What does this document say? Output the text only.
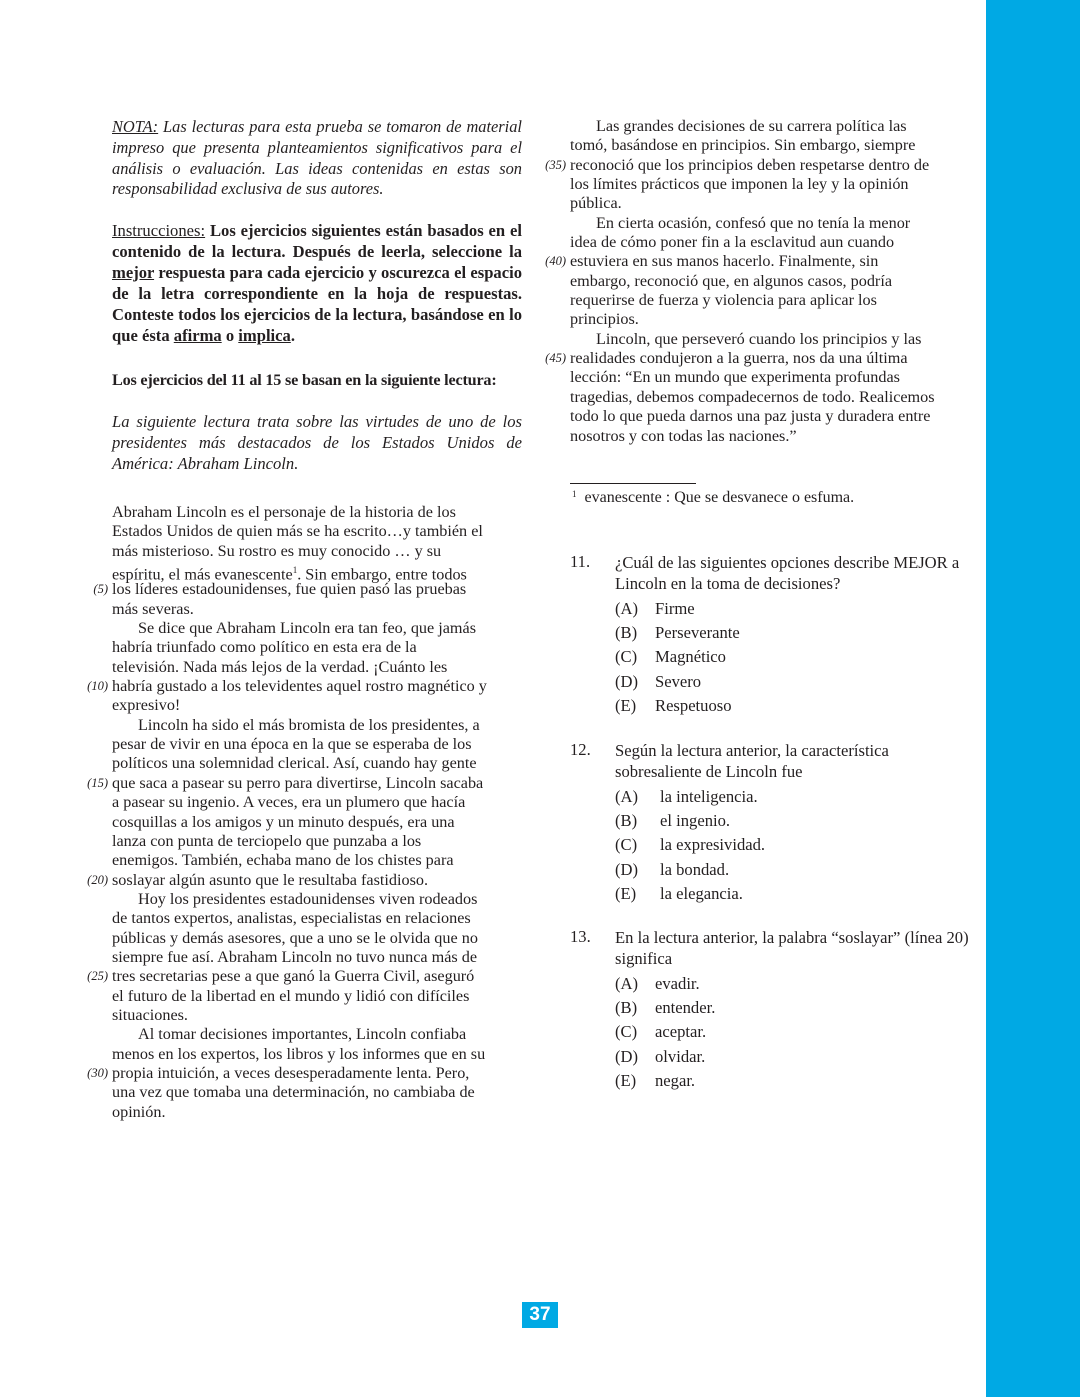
NOTA: Las lecturas para esta prueba se tomaron de material impreso que presenta planteamientos significativos para el análisis o evaluación. Las ideas contenidas en estas son responsabilidad exclusiva de sus autores.

Instrucciones: Los ejercicios siguientes están basados en el contenido de la lectura. Después de leerla, seleccione la mejor respuesta para cada ejercicio y oscurezca el espacio de la letra correspondiente en la hoja de respuestas. Conteste todos los ejercicios de la lectura, basándose en lo que ésta afirma o implica.

Los ejercicios del 11 al 15 se basan en la siguiente lectura:

La siguiente lectura trata sobre las virtudes de uno de los presidentes más destacados de los Estados Unidos de América: Abraham Lincoln.

Abraham Lincoln es el personaje de la historia de los
Estados Unidos de quien más se ha escrito…y también el
más misterioso. Su rostro es muy conocido … y su
espíritu, el más evanescente$^1$. Sin embargo, entre todos
(5) los líderes estadounidenses, fue quien pasó las pruebas
más severas.
Se dice que Abraham Lincoln era tan feo, que jamás
habría triunfado como político en esta era de la
televisión. Nada más lejos de la verdad. ¡Cuánto les
(10) habría gustado a los televidentes aquel rostro magnético y
expresivo!
Lincoln ha sido el más bromista de los presidentes, a
pesar de vivir en una época en la que se esperaba de los
políticos una solemnidad clerical. Así, cuando hay gente
(15) que saca a pasear su perro para divertirse, Lincoln sacaba
a pasear su ingenio. A veces, era un plumero que hacía
cosquillas a los amigos y un minuto después, era una
lanza con punta de terciopelo que punzaba a los
enemigos. También, echaba mano de los chistes para
(20) soslayar algún asunto que le resultaba fastidioso.
Hoy los presidentes estadounidenses viven rodeados
de tantos expertos, analistas, especialistas en relaciones
públicas y demás asesores, que a uno se le olvida que no
siempre fue así. Abraham Lincoln no tuvo nunca más de
(25) tres secretarias pese a que ganó la Guerra Civil, aseguró
el futuro de la libertad en el mundo y lidió con difíciles
situaciones.
Al tomar decisiones importantes, Lincoln confiaba
menos en los expertos, los libros y los informes que en su
(30) propia intuición, a veces desesperadamente lenta. Pero,
una vez que tomaba una determinación, no cambiaba de
opinión.
Las grandes decisiones de su carrera política las
tomó, basándose en principios. Sin embargo, siempre
(35) reconoció que los principios deben respetarse dentro de
los límites prácticos que imponen la ley y la opinión
pública.
En cierta ocasión, confesó que no tenía la menor
idea de cómo poner fin a la esclavitud aun cuando
(40) estuviera en sus manos hacerlo. Finalmente, sin
embargo, reconoció que, en algunos casos, podría
requerirse de fuerza y violencia para aplicar los
principios.
Lincoln, que perseveró cuando los principios y las
(45) realidades condujeron a la guerra, nos da una última
lección: “En un mundo que experimenta profundas
tragedias, debemos compadecernos de todo. Realicemos
todo lo que pueda darnos una paz justa y duradera entre
nosotros y con todas las naciones.”
$^1$ evanescente : Que se desvanece o esfuma.
11. ¿Cuál de las siguientes opciones describe MEJOR a Lincoln en la toma de decisiones?
(A) Firme
(B) Perseverante
(C) Magnético
(D) Severo
(E) Respetuoso
12. Según la lectura anterior, la característica sobresaliente de Lincoln fue
(A) la inteligencia.
(B) el ingenio.
(C) la expresividad.
(D) la bondad.
(E) la elegancia.
13. En la lectura anterior, la palabra “soslayar” (línea 20) significa
(A) evadir.
(B) entender.
(C) aceptar.
(D) olvidar.
(E) negar.
37
